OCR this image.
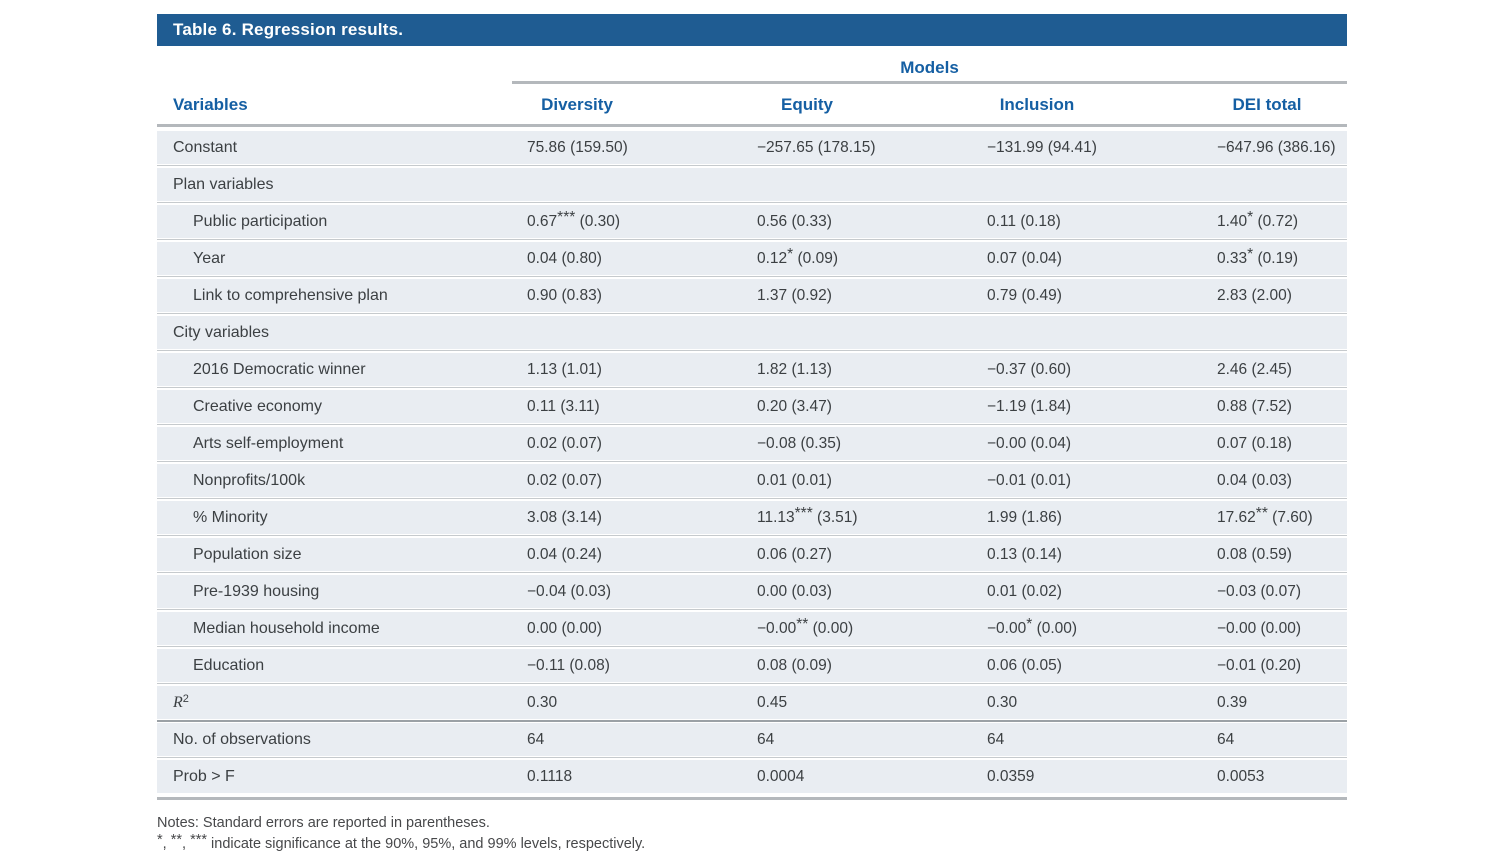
Table 6. Regression results.
Models
Variables	Diversity	Equity	Inclusion	DEI total
Constant	75.86 (159.50)	−257.65 (178.15)	−131.99 (94.41)	−647.96 (386.16)
Plan variables
Public participation	0.67*** (0.30)	0.56 (0.33)	0.11 (0.18)	1.40* (0.72)
Year	0.04 (0.80)	0.12* (0.09)	0.07 (0.04)	0.33* (0.19)
Link to comprehensive plan	0.90 (0.83)	1.37 (0.92)	0.79 (0.49)	2.83 (2.00)
City variables
2016 Democratic winner	1.13 (1.01)	1.82 (1.13)	−0.37 (0.60)	2.46 (2.45)
Creative economy	0.11 (3.11)	0.20 (3.47)	−1.19 (1.84)	0.88 (7.52)
Arts self-employment	0.02 (0.07)	−0.08 (0.35)	−0.00 (0.04)	0.07 (0.18)
Nonprofits/100k	0.02 (0.07)	0.01 (0.01)	−0.01 (0.01)	0.04 (0.03)
% Minority	3.08 (3.14)	11.13*** (3.51)	1.99 (1.86)	17.62** (7.60)
Population size	0.04 (0.24)	0.06 (0.27)	0.13 (0.14)	0.08 (0.59)
Pre-1939 housing	−0.04 (0.03)	0.00 (0.03)	0.01 (0.02)	−0.03 (0.07)
Median household income	0.00 (0.00)	−0.00** (0.00)	−0.00* (0.00)	−0.00 (0.00)
Education	−0.11 (0.08)	0.08 (0.09)	0.06 (0.05)	−0.01 (0.20)
$R^2$	0.30	0.45	0.30	0.39
No. of observations	64	64	64	64
Prob > F	0.1118	0.0004	0.0359	0.0053
Notes: Standard errors are reported in parentheses.
*, **, *** indicate significance at the 90%, 95%, and 99% levels, respectively.
